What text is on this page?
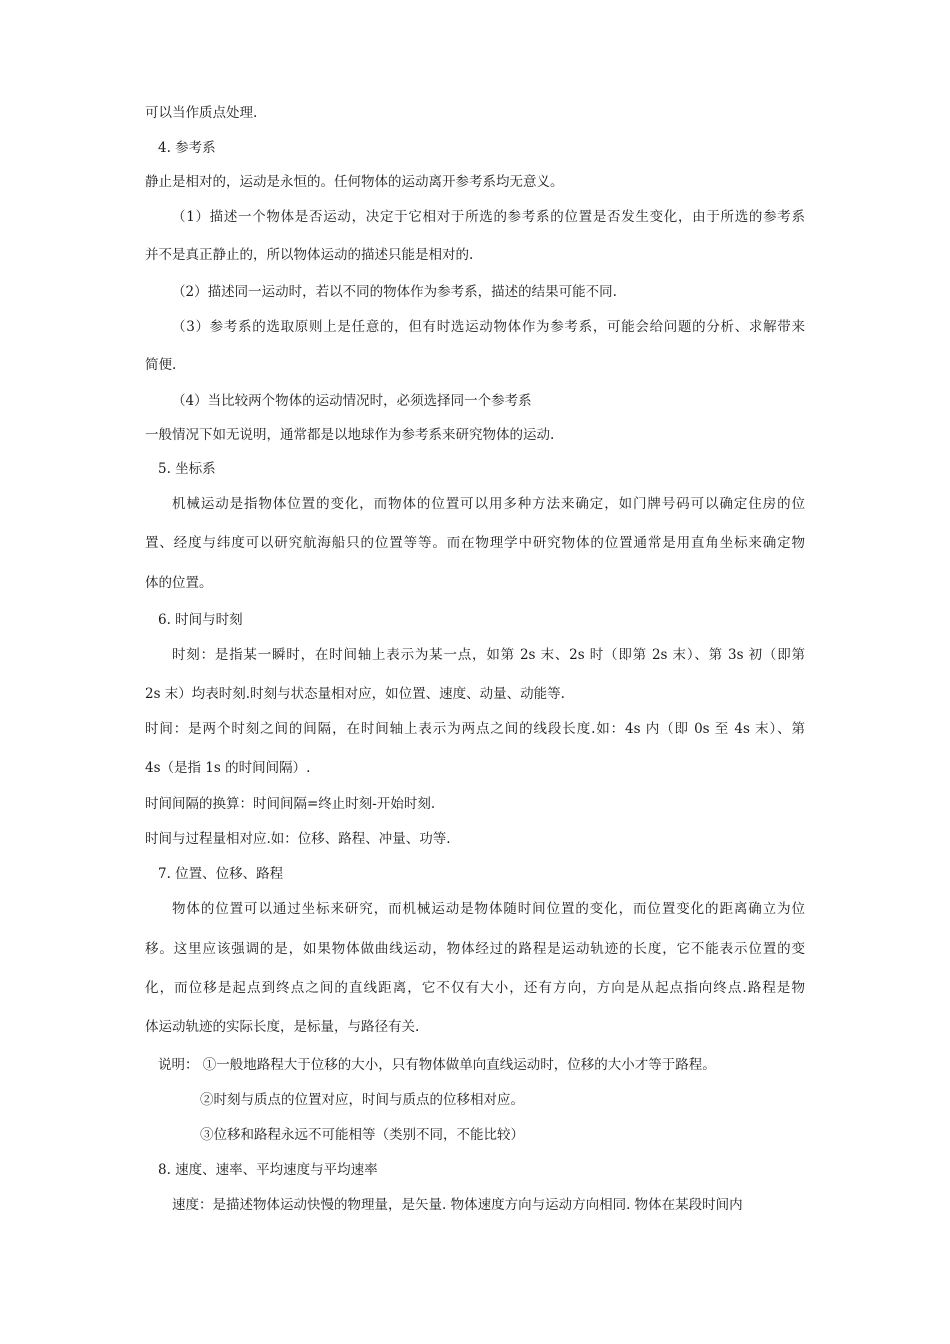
可以当作质点处理.
4. 参考系
静止是相对的，运动是永恒的。任何物体的运动离开参考系均无意义。
（1）描述一个物体是否运动，决定于它相对于所选的参考系的位置是否发生变化，由于所选的参考系
并不是真正静止的，所以物体运动的描述只能是相对的.
（2）描述同一运动时，若以不同的物体作为参考系，描述的结果可能不同.
（3）参考系的选取原则上是任意的，但有时选运动物体作为参考系，可能会给问题的分析、求解带来
简便.
（4）当比较两个物体的运动情况时，必须选择同一个参考系
一般情况下如无说明，通常都是以地球作为参考系来研究物体的运动.
5. 坐标系
机械运动是指物体位置的变化，而物体的位置可以用多种方法来确定，如门牌号码可以确定住房的位
置、经度与纬度可以研究航海船只的位置等等。而在物理学中研究物体的位置通常是用直角坐标来确定物
体的位置。
6. 时间与时刻
时刻：是指某一瞬时，在时间轴上表示为某一点，如第 2s 末、2s 时（即第 2s 末）、第 3s 初（即第
2s 末）均表时刻.时刻与状态量相对应，如位置、速度、动量、动能等.
时间：是两个时刻之间的间隔，在时间轴上表示为两点之间的线段长度.如：4s 内（即 0s 至 4s 末）、第
4s（是指 1s 的时间间隔）.
时间间隔的换算：时间间隔=终止时刻-开始时刻.
时间与过程量相对应.如：位移、路程、冲量、功等.
7. 位置、位移、路程
物体的位置可以通过坐标来研究，而机械运动是物体随时间位置的变化，而位置变化的距离确立为位
移。这里应该强调的是，如果物体做曲线运动，物体经过的路程是运动轨迹的长度，它不能表示位置的变
化，而位移是起点到终点之间的直线距离，它不仅有大小，还有方向，方向是从起点指向终点.路程是物
体运动轨迹的实际长度，是标量，与路径有关.
说明： ①一般地路程大于位移的大小，只有物体做单向直线运动时，位移的大小才等于路程。
②时刻与质点的位置对应，时间与质点的位移相对应。
③位移和路程永远不可能相等（类别不同，不能比较）
8. 速度、速率、平均速度与平均速率
速度：是描述物体运动快慢的物理量，是矢量. 物体速度方向与运动方向相同. 物体在某段时间内
